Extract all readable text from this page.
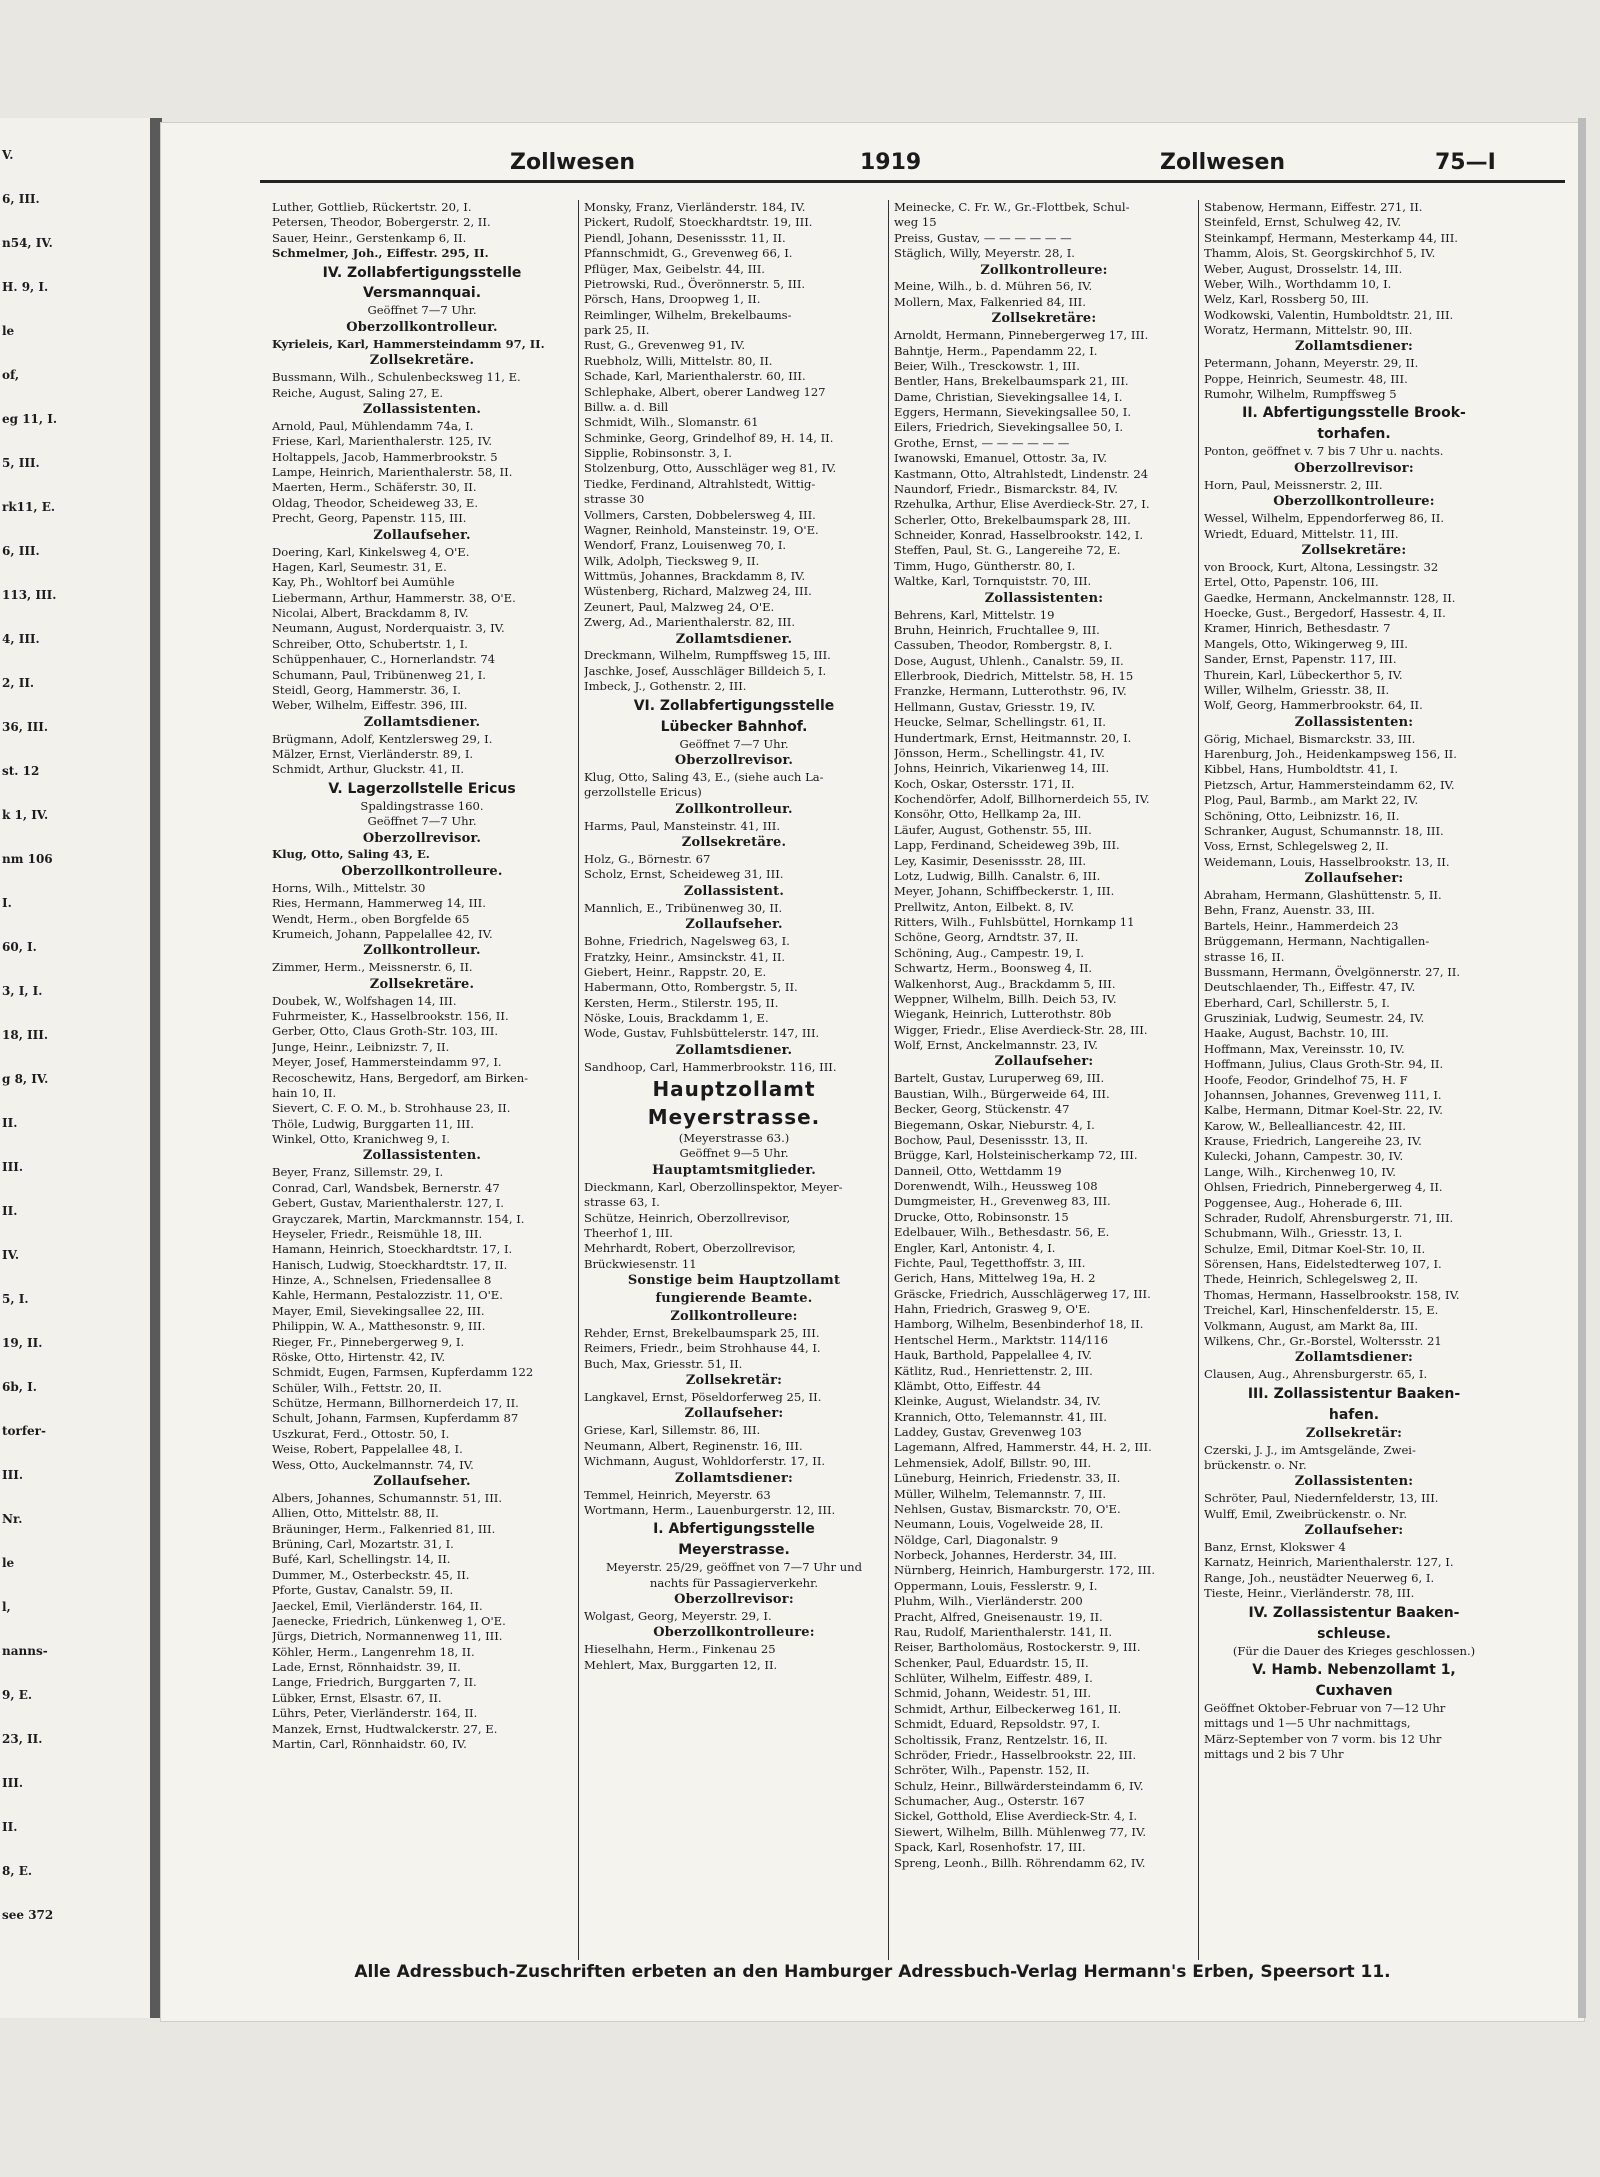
V.
6, III.
n54, IV.
H. 9, I.
le
of,
eg 11, I.
5, III.
rk11, E.
6, III.
113, III.
4, III.
2, II.
36, III.
st. 12
k 1, IV.
nm 106
I.
60, I.
3, I, I.
18, III.
g 8, IV.
II.
III.
II.
IV.
5, I.
19, II.
6b, I.
torfer-
III.
Nr.
le
l,
nanns-
9, E.
23, II.
III.
II.
8, E.
see 372
Zollwesen	1919	Zollwesen	75—I
Luther, Gottlieb, Rückertstr. 20, I.
Petersen, Theodor, Bobergerstr. 2, II.
Sauer, Heinr., Gerstenkamp 6, II.
Schmelmer, Joh., Eiffestr. 295, II.
IV. Zollabfertigungsstelle
Versmannquai.
Geöffnet 7—7 Uhr.
Oberzollkontrolleur.
Kyrieleis, Karl, Hammersteindamm 97, II.
Zollsekretäre.
Bussmann, Wilh., Schulenbecksweg 11, E.
Reiche, August, Saling 27, E.
Zollassistenten.
Arnold, Paul, Mühlendamm 74a, I.
Friese, Karl, Marienthalerstr. 125, IV.
Holtappels, Jacob, Hammerbrookstr. 5
Lampe, Heinrich, Marienthalerstr. 58, II.
Maerten, Herm., Schäferstr. 30, II.
Oldag, Theodor, Scheideweg 33, E.
Precht, Georg, Papenstr. 115, III.
Zollaufseher.
Doering, Karl, Kinkelsweg 4, O'E.
Hagen, Karl, Seumestr. 31, E.
Kay, Ph., Wohltorf bei Aumühle
Liebermann, Arthur, Hammerstr. 38, O'E.
Nicolai, Albert, Brackdamm 8, IV.
Neumann, August, Norderquaistr. 3, IV.
Schreiber, Otto, Schubertstr. 1, I.
Schüppenhauer, C., Hornerlandstr. 74
Schumann, Paul, Tribünenweg 21, I.
Steidl, Georg, Hammerstr. 36, I.
Weber, Wilhelm, Eiffestr. 396, III.
Zollamtsdiener.
Brügmann, Adolf, Kentzlersweg 29, I.
Mälzer, Ernst, Vierländerstr. 89, I.
Schmidt, Arthur, Gluckstr. 41, II.
V. Lagerzollstelle Ericus
Spaldingstrasse 160.
Geöffnet 7—7 Uhr.
Oberzollrevisor.
Klug, Otto, Saling 43, E.
Oberzollkontrolleure.
Horns, Wilh., Mittelstr. 30
Ries, Hermann, Hammerweg 14, III.
Wendt, Herm., oben Borgfelde 65
Krumeich, Johann, Pappelallee 42, IV.
Zollkontrolleur.
Zimmer, Herm., Meissnerstr. 6, II.
Zollsekretäre.
Doubek, W., Wolfshagen 14, III.
Fuhrmeister, K., Hasselbrookstr. 156, II.
Gerber, Otto, Claus Groth-Str. 103, III.
Junge, Heinr., Leibnizstr. 7, II.
Meyer, Josef, Hammersteindamm 97, I.
Recoschewitz, Hans, Bergedorf, am Birken-
hain 10, II.
Sievert, C. F. O. M., b. Strohhause 23, II.
Thöle, Ludwig, Burggarten 11, III.
Winkel, Otto, Kranichweg 9, I.
Zollassistenten.
Beyer, Franz, Sillemstr. 29, I.
Conrad, Carl, Wandsbek, Bernerstr. 47
Gebert, Gustav, Marienthalerstr. 127, I.
Grayczarek, Martin, Marckmannstr. 154, I.
Heyseler, Friedr., Reismühle 18, III.
Hamann, Heinrich, Stoeckhardtstr. 17, I.
Hanisch, Ludwig, Stoeckhardtstr. 17, II.
Hinze, A., Schnelsen, Friedensallee 8
Kahle, Hermann, Pestalozzistr. 11, O'E.
Mayer, Emil, Sievekingsallee 22, III.
Philippin, W. A., Matthesonstr. 9, III.
Rieger, Fr., Pinnebergerweg 9, I.
Röske, Otto, Hirtenstr. 42, IV.
Schmidt, Eugen, Farmsen, Kupferdamm 122
Schüler, Wilh., Fettstr. 20, II.
Schütze, Hermann, Billhornerdeich 17, II.
Schult, Johann, Farmsen, Kupferdamm 87
Uszkurat, Ferd., Ottostr. 50, I.
Weise, Robert, Pappelallee 48, I.
Wess, Otto, Auckelmannstr. 74, IV.
Zollaufseher.
Albers, Johannes, Schumannstr. 51, III.
Allien, Otto, Mittelstr. 88, II.
Bräuninger, Herm., Falkenried 81, III.
Brüning, Carl, Mozartstr. 31, I.
Bufé, Karl, Schellingstr. 14, II.
Dummer, M., Osterbeckstr. 45, II.
Pforte, Gustav, Canalstr. 59, II.
Jaeckel, Emil, Vierländerstr. 164, II.
Jaenecke, Friedrich, Lünkenweg 1, O'E.
Jürgs, Dietrich, Normannenweg 11, III.
Köhler, Herm., Langenrehm 18, II.
Lade, Ernst, Rönnhaidstr. 39, II.
Lange, Friedrich, Burggarten 7, II.
Lübker, Ernst, Elsastr. 67, II.
Lührs, Peter, Vierländerstr. 164, II.
Manzek, Ernst, Hudtwalckerstr. 27, E.
Martin, Carl, Rönnhaidstr. 60, IV.
Monsky, Franz, Vierländerstr. 184, IV.
Pickert, Rudolf, Stoeckhardtstr. 19, III.
Piendl, Johann, Desenissstr. 11, II.
Pfannschmidt, G., Grevenweg 66, I.
Pflüger, Max, Geibelstr. 44, III.
Pietrowski, Rud., Överönnerstr. 5, III.
Pörsch, Hans, Droopweg 1, II.
Reimlinger, Wilhelm, Brekelbaums-
park 25, II.
Rust, G., Grevenweg 91, IV.
Ruebholz, Willi, Mittelstr. 80, II.
Schade, Karl, Marienthalerstr. 60, III.
Schlephake, Albert, oberer Landweg 127
Billw. a. d. Bill
Schmidt, Wilh., Slomanstr. 61
Schminke, Georg, Grindelhof 89, H. 14, II.
Sipplie, Robinsonstr. 3, I.
Stolzenburg, Otto, Ausschläger weg 81, IV.
Tiedke, Ferdinand, Altrahlstedt, Wittig-
strasse 30
Vollmers, Carsten, Dobbelersweg 4, III.
Wagner, Reinhold, Mansteinstr. 19, O'E.
Wendorf, Franz, Louisenweg 70, I.
Wilk, Adolph, Tiecksweg 9, II.
Wittmüs, Johannes, Brackdamm 8, IV.
Wüstenberg, Richard, Malzweg 24, III.
Zeunert, Paul, Malzweg 24, O'E.
Zwerg, Ad., Marienthalerstr. 82, III.
Zollamtsdiener.
Dreckmann, Wilhelm, Rumpffsweg 15, III.
Jaschke, Josef, Ausschläger Billdeich 5, I.
Imbeck, J., Gothenstr. 2, III.
VI. Zollabfertigungsstelle
Lübecker Bahnhof.
Geöffnet 7—7 Uhr.
Oberzollrevisor.
Klug, Otto, Saling 43, E., (siehe auch La-
gerzollstelle Ericus)
Zollkontrolleur.
Harms, Paul, Mansteinstr. 41, III.
Zollsekretäre.
Holz, G., Börnestr. 67
Scholz, Ernst, Scheideweg 31, III.
Zollassistent.
Mannlich, E., Tribünenweg 30, II.
Zollaufseher.
Bohne, Friedrich, Nagelsweg 63, I.
Fratzky, Heinr., Amsinckstr. 41, II.
Giebert, Heinr., Rappstr. 20, E.
Habermann, Otto, Rombergstr. 5, II.
Kersten, Herm., Stilerstr. 195, II.
Nöske, Louis, Brackdamm 1, E.
Wode, Gustav, Fuhlsbüttelerstr. 147, III.
Zollamtsdiener.
Sandhoop, Carl, Hammerbrookstr. 116, III.
Hauptzollamt
Meyerstrasse.
(Meyerstrasse 63.)
Geöffnet 9—5 Uhr.
Hauptamtsmitglieder.
Dieckmann, Karl, Oberzollinspektor, Meyer-
strasse 63, I.
Schütze, Heinrich, Oberzollrevisor,
Theerhof 1, III.
Mehrhardt, Robert, Oberzollrevisor,
Brückwiesenstr. 11
Sonstige beim Hauptzollamt
fungierende Beamte.
Zollkontrolleure:
Rehder, Ernst, Brekelbaumspark 25, III.
Reimers, Friedr., beim Strohhause 44, I.
Buch, Max, Griesstr. 51, II.
Zollsekretär:
Langkavel, Ernst, Pöseldorferweg 25, II.
Zollaufseher:
Griese, Karl, Sillemstr. 86, III.
Neumann, Albert, Reginenstr. 16, III.
Wichmann, August, Wohldorferstr. 17, II.
Zollamtsdiener:
Temmel, Heinrich, Meyerstr. 63
Wortmann, Herm., Lauenburgerstr. 12, III.
I. Abfertigungsstelle
Meyerstrasse.
Meyerstr. 25/29, geöffnet von 7—7 Uhr und
nachts für Passagierverkehr.
Oberzollrevisor:
Wolgast, Georg, Meyerstr. 29, I.
Oberzollkontrolleure:
Hieselhahn, Herm., Finkenau 25
Mehlert, Max, Burggarten 12, II.
Meinecke, C. Fr. W., Gr.-Flottbek, Schul-
weg 15
Preiss, Gustav, — — — — — —
Stäglich, Willy, Meyerstr. 28, I.
Zollkontrolleure:
Meine, Wilh., b. d. Mühren 56, IV.
Mollern, Max, Falkenried 84, III.
Zollsekretäre:
Arnoldt, Hermann, Pinnebergerweg 17, III.
Bahntje, Herm., Papendamm 22, I.
Beier, Wilh., Tresckowstr. 1, III.
Bentler, Hans, Brekelbaumspark 21, III.
Dame, Christian, Sievekingsallee 14, I.
Eggers, Hermann, Sievekingsallee 50, I.
Eilers, Friedrich, Sievekingsallee 50, I.
Grothe, Ernst, — — — — — —
Iwanowski, Emanuel, Ottostr. 3a, IV.
Kastmann, Otto, Altrahlstedt, Lindenstr. 24
Naundorf, Friedr., Bismarckstr. 84, IV.
Rzehulka, Arthur, Elise Averdieck-Str. 27, I.
Scherler, Otto, Brekelbaumspark 28, III.
Schneider, Konrad, Hasselbrookstr. 142, I.
Steffen, Paul, St. G., Langereihe 72, E.
Timm, Hugo, Güntherstr. 80, I.
Waltke, Karl, Tornquiststr. 70, III.
Zollassistenten:
Behrens, Karl, Mittelstr. 19
Bruhn, Heinrich, Fruchtallee 9, III.
Cassuben, Theodor, Rombergstr. 8, I.
Dose, August, Uhlenh., Canalstr. 59, II.
Ellerbrook, Diedrich, Mittelstr. 58, H. 15
Franzke, Hermann, Lutterothstr. 96, IV.
Hellmann, Gustav, Griesstr. 19, IV.
Heucke, Selmar, Schellingstr. 61, II.
Hundertmark, Ernst, Heitmannstr. 20, I.
Jönsson, Herm., Schellingstr. 41, IV.
Johns, Heinrich, Vikarienweg 14, III.
Koch, Oskar, Ostersstr. 171, II.
Kochendörfer, Adolf, Billhornerdeich 55, IV.
Konsöhr, Otto, Hellkamp 2a, III.
Läufer, August, Gothenstr. 55, III.
Lapp, Ferdinand, Scheideweg 39b, III.
Ley, Kasimir, Desenissstr. 28, III.
Lotz, Ludwig, Billh. Canalstr. 6, III.
Meyer, Johann, Schiffbeckerstr. 1, III.
Prellwitz, Anton, Eilbekt. 8, IV.
Ritters, Wilh., Fuhlsbüttel, Hornkamp 11
Schöne, Georg, Arndtstr. 37, II.
Schöning, Aug., Campestr. 19, I.
Schwartz, Herm., Boonsweg 4, II.
Walkenhorst, Aug., Brackdamm 5, III.
Weppner, Wilhelm, Billh. Deich 53, IV.
Wiegank, Heinrich, Lutterothstr. 80b
Wigger, Friedr., Elise Averdieck-Str. 28, III.
Wolf, Ernst, Anckelmannstr. 23, IV.
Zollaufseher:
Bartelt, Gustav, Luruperweg 69, III.
Baustian, Wilh., Bürgerweide 64, III.
Becker, Georg, Stückenstr. 47
Biegemann, Oskar, Nieburstr. 4, I.
Bochow, Paul, Desenissstr. 13, II.
Brügge, Karl, Holsteinischerkamp 72, III.
Danneil, Otto, Wettdamm 19
Dorenwendt, Wilh., Heussweg 108
Dumgmeister, H., Grevenweg 83, III.
Drucke, Otto, Robinsonstr. 15
Edelbauer, Wilh., Bethesdastr. 56, E.
Engler, Karl, Antonistr. 4, I.
Fichte, Paul, Tegetthoffstr. 3, III.
Gerich, Hans, Mittelweg 19a, H. 2
Gräscke, Friedrich, Ausschlägerweg 17, III.
Hahn, Friedrich, Grasweg 9, O'E.
Hamborg, Wilhelm, Besenbinderhof 18, II.
Hentschel Herm., Marktstr. 114/116
Hauk, Barthold, Pappelallee 4, IV.
Kätlitz, Rud., Henriettenstr. 2, III.
Klämbt, Otto, Eiffestr. 44
Kleinke, August, Wielandstr. 34, IV.
Krannich, Otto, Telemannstr. 41, III.
Laddey, Gustav, Grevenweg 103
Lagemann, Alfred, Hammerstr. 44, H. 2, III.
Lehmensiek, Adolf, Billstr. 90, III.
Lüneburg, Heinrich, Friedenstr. 33, II.
Müller, Wilhelm, Telemannstr. 7, III.
Nehlsen, Gustav, Bismarckstr. 70, O'E.
Neumann, Louis, Vogelweide 28, II.
Nöldge, Carl, Diagonalstr. 9
Norbeck, Johannes, Herderstr. 34, III.
Nürnberg, Heinrich, Hamburgerstr. 172, III.
Oppermann, Louis, Fesslerstr. 9, I.
Pluhm, Wilh., Vierländerstr. 200
Pracht, Alfred, Gneisenaustr. 19, II.
Rau, Rudolf, Marienthalerstr. 141, II.
Reiser, Bartholomäus, Rostockerstr. 9, III.
Schenker, Paul, Eduardstr. 15, II.
Schlüter, Wilhelm, Eiffestr. 489, I.
Schmid, Johann, Weidestr. 51, III.
Schmidt, Arthur, Eilbeckerweg 161, II.
Schmidt, Eduard, Repsoldstr. 97, I.
Scholtissik, Franz, Rentzelstr. 16, II.
Schröder, Friedr., Hasselbrookstr. 22, III.
Schröter, Wilh., Papenstr. 152, II.
Schulz, Heinr., Billwärdersteindamm 6, IV.
Schumacher, Aug., Osterstr. 167
Sickel, Gotthold, Elise Averdieck-Str. 4, I.
Siewert, Wilhelm, Billh. Mühlenweg 77, IV.
Spack, Karl, Rosenhofstr. 17, III.
Spreng, Leonh., Billh. Röhrendamm 62, IV.
Stabenow, Hermann, Eiffestr. 271, II.
Steinfeld, Ernst, Schulweg 42, IV.
Steinkampf, Hermann, Mesterkamp 44, III.
Thamm, Alois, St. Georgskirchhof 5, IV.
Weber, August, Drosselstr. 14, III.
Weber, Wilh., Worthdamm 10, I.
Welz, Karl, Rossberg 50, III.
Wodkowski, Valentin, Humboldtstr. 21, III.
Woratz, Hermann, Mittelstr. 90, III.
Zollamtsdiener:
Petermann, Johann, Meyerstr. 29, II.
Poppe, Heinrich, Seumestr. 48, III.
Rumohr, Wilhelm, Rumpffsweg 5
II. Abfertigungsstelle Brook-
torhafen.
Ponton, geöffnet v. 7 bis 7 Uhr u. nachts.
Oberzollrevisor:
Horn, Paul, Meissnerstr. 2, III.
Oberzollkontrolleure:
Wessel, Wilhelm, Eppendorferweg 86, II.
Wriedt, Eduard, Mittelstr. 11, III.
Zollsekretäre:
von Broock, Kurt, Altona, Lessingstr. 32
Ertel, Otto, Papenstr. 106, III.
Gaedke, Hermann, Anckelmannstr. 128, II.
Hoecke, Gust., Bergedorf, Hassestr. 4, II.
Kramer, Hinrich, Bethesdastr. 7
Mangels, Otto, Wikingerweg 9, III.
Sander, Ernst, Papenstr. 117, III.
Thurein, Karl, Lübeckerthor 5, IV.
Willer, Wilhelm, Griesstr. 38, II.
Wolf, Georg, Hammerbrookstr. 64, II.
Zollassistenten:
Görig, Michael, Bismarckstr. 33, III.
Harenburg, Joh., Heidenkampsweg 156, II.
Kibbel, Hans, Humboldtstr. 41, I.
Pietzsch, Artur, Hammersteindamm 62, IV.
Plog, Paul, Barmb., am Markt 22, IV.
Schöning, Otto, Leibnizstr. 16, II.
Schranker, August, Schumannstr. 18, III.
Voss, Ernst, Schlegelsweg 2, II.
Weidemann, Louis, Hasselbrookstr. 13, II.
Zollaufseher:
Abraham, Hermann, Glashüttenstr. 5, II.
Behn, Franz, Auenstr. 33, III.
Bartels, Heinr., Hammerdeich 23
Brüggemann, Hermann, Nachtigallen-
strasse 16, II.
Bussmann, Hermann, Övelgönnerstr. 27, II.
Deutschlaender, Th., Eiffestr. 47, IV.
Eberhard, Carl, Schillerstr. 5, I.
Grusziniak, Ludwig, Seumestr. 24, IV.
Haake, August, Bachstr. 10, III.
Hoffmann, Max, Vereinsstr. 10, IV.
Hoffmann, Julius, Claus Groth-Str. 94, II.
Hoofe, Feodor, Grindelhof 75, H. F
Johannsen, Johannes, Grevenweg 111, I.
Kalbe, Hermann, Ditmar Koel-Str. 22, IV.
Karow, W., Bellealliancestr. 42, III.
Krause, Friedrich, Langereihe 23, IV.
Kulecki, Johann, Campestr. 30, IV.
Lange, Wilh., Kirchenweg 10, IV.
Ohlsen, Friedrich, Pinnebergerweg 4, II.
Poggensee, Aug., Hoherade 6, III.
Schrader, Rudolf, Ahrensburgerstr. 71, III.
Schubmann, Wilh., Griesstr. 13, I.
Schulze, Emil, Ditmar Koel-Str. 10, II.
Sörensen, Hans, Eidelstedterweg 107, I.
Thede, Heinrich, Schlegelsweg 2, II.
Thomas, Hermann, Hasselbrookstr. 158, IV.
Treichel, Karl, Hinschenfelderstr. 15, E.
Volkmann, August, am Markt 8a, III.
Wilkens, Chr., Gr.-Borstel, Woltersstr. 21
Zollamtsdiener:
Clausen, Aug., Ahrensburgerstr. 65, I.
III. Zollassistentur Baaken-
hafen.
Zollsekretär:
Czerski, J. J., im Amtsgelände, Zwei-
brückenstr. o. Nr.
Zollassistenten:
Schröter, Paul, Niedernfelderstr, 13, III.
Wulff, Emil, Zweibrückenstr. o. Nr.
Zollaufseher:
Banz, Ernst, Klokswег 4
Karnatz, Heinrich, Marienthalerstr. 127, I.
Range, Joh., neustädter Neuerweg 6, I.
Tieste, Heinr., Vierländerstr. 78, III.
IV. Zollassistentur Baaken-
schleuse.
(Für die Dauer des Krieges geschlossen.)
V. Hamb. Nebenzollamt 1,
Cuxhaven
Geöffnet Oktober-Februar von 7—12 Uhr
mittags und 1—5 Uhr nachmittags,
März-September von 7 vorm. bis 12 Uhr
mittags und 2 bis 7 Uhr
Alle Adressbuch-Zuschriften erbeten an den Hamburger Adressbuch-Verlag Hermann's Erben, Speersort 11.
